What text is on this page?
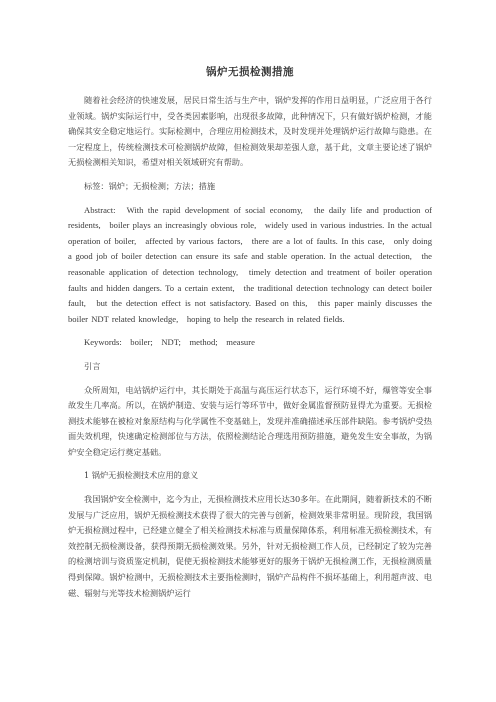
锅炉无损检测措施

随着社会经济的快速发展，居民日常生活与生产中，锅炉发挥的作用日益明显，广泛应用于各行业领域。锅炉实际运行中，受各类因素影响，出现很多故障，此种情况下，只有做好锅炉检测，才能确保其安全稳定地运行。实际检测中，合理应用检测技术，及时发现并处理锅炉运行故障与隐患。在一定程度上，传统检测技术可检测锅炉故障，但检测效果却差强人意，基于此，文章主要论述了锅炉无损检测相关知识，希望对相关领域研究有帮助。

标签：锅炉；无损检测；方法；措施

Abstract:　With the rapid development of social economy,　the daily life and production of residents,　boiler plays an increasingly obvious role,　widely used in various industries. In the actual operation of boiler,　affected by various factors,　there are a lot of faults. In this case,　only doing a good job of boiler detection can ensure its safe and stable operation. In the actual detection,　the reasonable application of detection technology,　timely detection and treatment of boiler operation faults and hidden dangers. To a certain extent,　the traditional detection technology can detect boiler fault,　but the detection effect is not satisfactory. Based on this,　this paper mainly discusses the boiler NDT related knowledge,　hoping to help the research in related fields.

Keywords:　boiler;　NDT;　method;　measure

引言

众所周知，电站锅炉运行中，其长期处于高温与高压运行状态下，运行环境不好，爆管等安全事故发生几率高。所以，在锅炉制造、安装与运行等环节中，做好金属监督预防显得尤为重要。无损检测技术能够在被检对象原结构与化学属性不变基础上，发现并准确描述承压部件缺陷。参考锅炉受热面失效机理，快速确定检测部位与方法，依照检测结论合理选用预防措施，避免发生安全事故，为锅炉安全稳定运行奠定基础。

1 锅炉无损检测技术应用的意义

我国锅炉安全检测中，迄今为止，无损检测技术应用长达30多年。在此期间，随着新技术的不断发展与广泛应用，锅炉无损检测技术获得了很大的完善与创新，检测效果非常明显。现阶段，我国锅炉无损检测过程中，已经建立健全了相关检测技术标准与质量保障体系，利用标准无损检测技术，有效控制无损检测设备，获得预期无损检测效果。另外，针对无损检测工作人员，已经制定了较为完善的检测培训与资质鉴定机制，促使无损检测技术能够更好的服务于锅炉无损检测工作，无损检测质量得到保障。锅炉检测中，无损检测技术主要指检测时，锅炉产品构件不损坏基础上，利用超声波、电磁、辐射与光等技术检测锅炉运行
